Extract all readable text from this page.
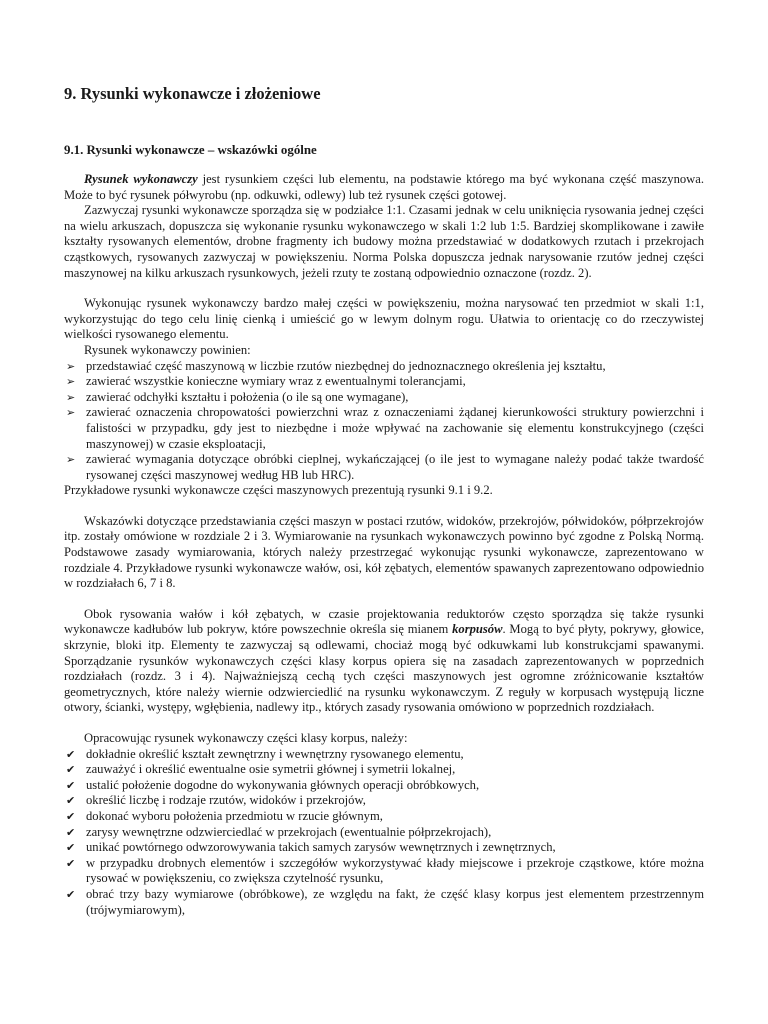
9. Rysunki wykonawcze i złożeniowe
9.1. Rysunki wykonawcze – wskazówki ogólne

Rysunek wykonawczy jest rysunkiem części lub elementu, na podstawie którego ma być wykonana część maszynowa. Może to być rysunek półwyrobu (np. odkuwki, odlewy) lub też rysunek części gotowej.

Zazwyczaj rysunki wykonawcze sporządza się w podziałce 1:1. Czasami jednak w celu uniknięcia rysowania jednej części na wielu arkuszach, dopuszcza się wykonanie rysunku wykonawczego w skali 1:2 lub 1:5. Bardziej skomplikowane i zawiłe kształty rysowanych elementów, drobne fragmenty ich budowy można przedstawiać w dodatkowych rzutach i przekrojach cząstkowych, rysowanych zazwyczaj w powiększeniu. Norma Polska dopuszcza jednak narysowanie rzutów jednej części maszynowej na kilku arkuszach rysunkowych, jeżeli rzuty te zostaną odpowiednio oznaczone (rozdz. 2).

Wykonując rysunek wykonawczy bardzo małej części w powiększeniu, można narysować ten przedmiot w skali 1:1, wykorzystując do tego celu linię cienką i umieścić go w lewym dolnym rogu. Ułatwia to orientację co do rzeczywistej wielkości rysowanego elementu.

Rysunek wykonawczy powinien:
➢ przedstawiać część maszynową w liczbie rzutów niezbędnej do jednoznacznego określenia jej kształtu,
➢ zawierać wszystkie konieczne wymiary wraz z ewentualnymi tolerancjami,
➢ zawierać odchyłki kształtu i położenia (o ile są one wymagane),
➢ zawierać oznaczenia chropowatości powierzchni wraz z oznaczeniami żądanej kierunkowości struktury powierzchni i falistości w przypadku, gdy jest to niezbędne i może wpływać na zachowanie się elementu konstrukcyjnego (części maszynowej) w czasie eksploatacji,
➢ zawierać wymagania dotyczące obróbki cieplnej, wykańczającej (o ile jest to wymagane należy podać także twardość rysowanej części maszynowej według HB lub HRC).

Przykładowe rysunki wykonawcze części maszynowych prezentują rysunki 9.1 i 9.2.

Wskazówki dotyczące przedstawiania części maszyn w postaci rzutów, widoków, przekrojów, półwidoków, półprzekrojów itp. zostały omówione w rozdziale 2 i 3. Wymiarowanie na rysunkach wykonawczych powinno być zgodne z Polską Normą. Podstawowe zasady wymiarowania, których należy przestrzegać wykonując rysunki wykonawcze, zaprezentowano w rozdziale 4. Przykładowe rysunki wykonawcze wałów, osi, kół zębatych, elementów spawanych zaprezentowano odpowiednio w rozdziałach 6, 7 i 8.

Obok rysowania wałów i kół zębatych, w czasie projektowania reduktorów często sporządza się także rysunki wykonawcze kadłubów lub pokryw, które powszechnie określa się mianem korpusów. Mogą to być płyty, pokrywy, głowice, skrzynie, bloki itp. Elementy te zazwyczaj są odlewami, chociaż mogą być odkuwkami lub konstrukcjami spawanymi. Sporządzanie rysunków wykonawczych części klasy korpus opiera się na zasadach zaprezentowanych w poprzednich rozdziałach (rozdz. 3 i 4). Najważniejszą cechą tych części maszynowych jest ogromne zróżnicowanie kształtów geometrycznych, które należy wiernie odzwierciedlić na rysunku wykonawczym. Z reguły w korpusach występują liczne otwory, ścianki, występy, wgłębienia, nadlewy itp., których zasady rysowania omówiono w poprzednich rozdziałach.

Opracowując rysunek wykonawczy części klasy korpus, należy:
✔ dokładnie określić kształt zewnętrzny i wewnętrzny rysowanego elementu,
✔ zauważyć i określić ewentualne osie symetrii głównej i symetrii lokalnej,
✔ ustalić położenie dogodne do wykonywania głównych operacji obróbkowych,
✔ określić liczbę i rodzaje rzutów, widoków i przekrojów,
✔ dokonać wyboru położenia przedmiotu w rzucie głównym,
✔ zarysy wewnętrzne odzwierciedlać w przekrojach (ewentualnie półprzekrojach),
✔ unikać powtórnego odwzorowywania takich samych zarysów wewnętrznych i zewnętrznych,
✔ w przypadku drobnych elementów i szczegółów wykorzystywać kłady miejscowe i przekroje cząstkowe, które można rysować w powiększeniu, co zwiększa czytelność rysunku,
✔ obrać trzy bazy wymiarowe (obróbkowe), ze względu na fakt, że część klasy korpus jest elementem przestrzennym (trójwymiarowym),
